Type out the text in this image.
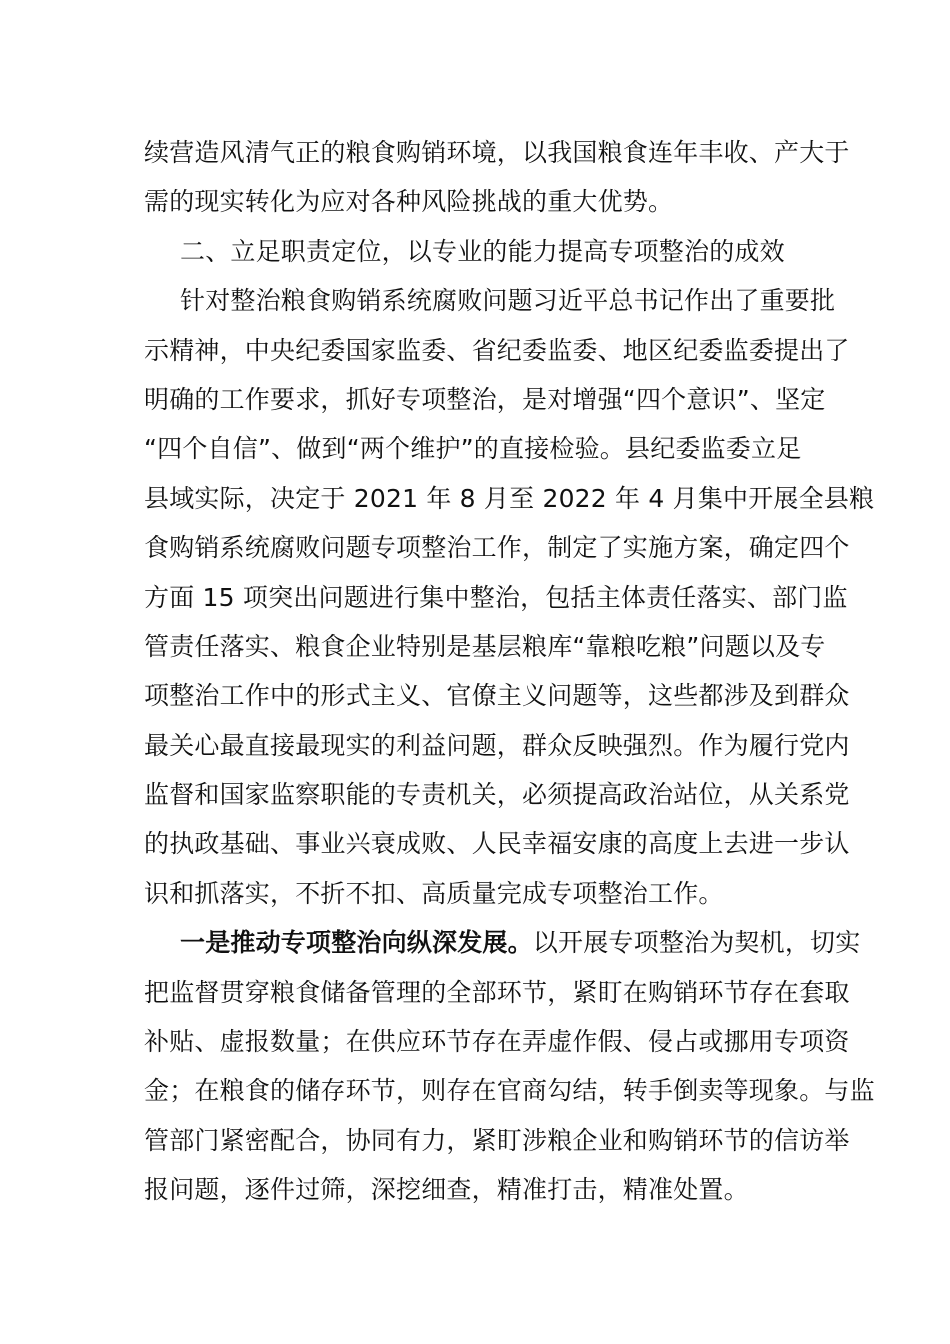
续营造风清气正的粮食购销环境，以我国粮食连年丰收、产大于
需的现实转化为应对各种风险挑战的重大优势。
二、立足职责定位，以专业的能力提高专项整治的成效
针对整治粮食购销系统腐败问题习近平总书记作出了重要批
示精神，中央纪委国家监委、省纪委监委、地区纪委监委提出了
明确的工作要求，抓好专项整治，是对增强“四个意识”、坚定
“四个自信”、做到“两个维护”的直接检验。县纪委监委立足
县域实际，决定于 2021 年 8 月至 2022 年 4 月集中开展全县粮
食购销系统腐败问题专项整治工作，制定了实施方案，确定四个
方面 15 项突出问题进行集中整治，包括主体责任落实、部门监
管责任落实、粮食企业特别是基层粮库“靠粮吃粮”问题以及专
项整治工作中的形式主义、官僚主义问题等，这些都涉及到群众
最关心最直接最现实的利益问题，群众反映强烈。作为履行党内
监督和国家监察职能的专责机关，必须提高政治站位，从关系党
的执政基础、事业兴衰成败、人民幸福安康的高度上去进一步认
识和抓落实，不折不扣、高质量完成专项整治工作。
一是推动专项整治向纵深发展。以开展专项整治为契机，切实
把监督贯穿粮食储备管理的全部环节，紧盯在购销环节存在套取
补贴、虚报数量；在供应环节存在弄虚作假、侵占或挪用专项资
金；在粮食的储存环节，则存在官商勾结，转手倒卖等现象。与监
管部门紧密配合，协同有力，紧盯涉粮企业和购销环节的信访举
报问题，逐件过筛，深挖细查，精准打击，精准处置。
